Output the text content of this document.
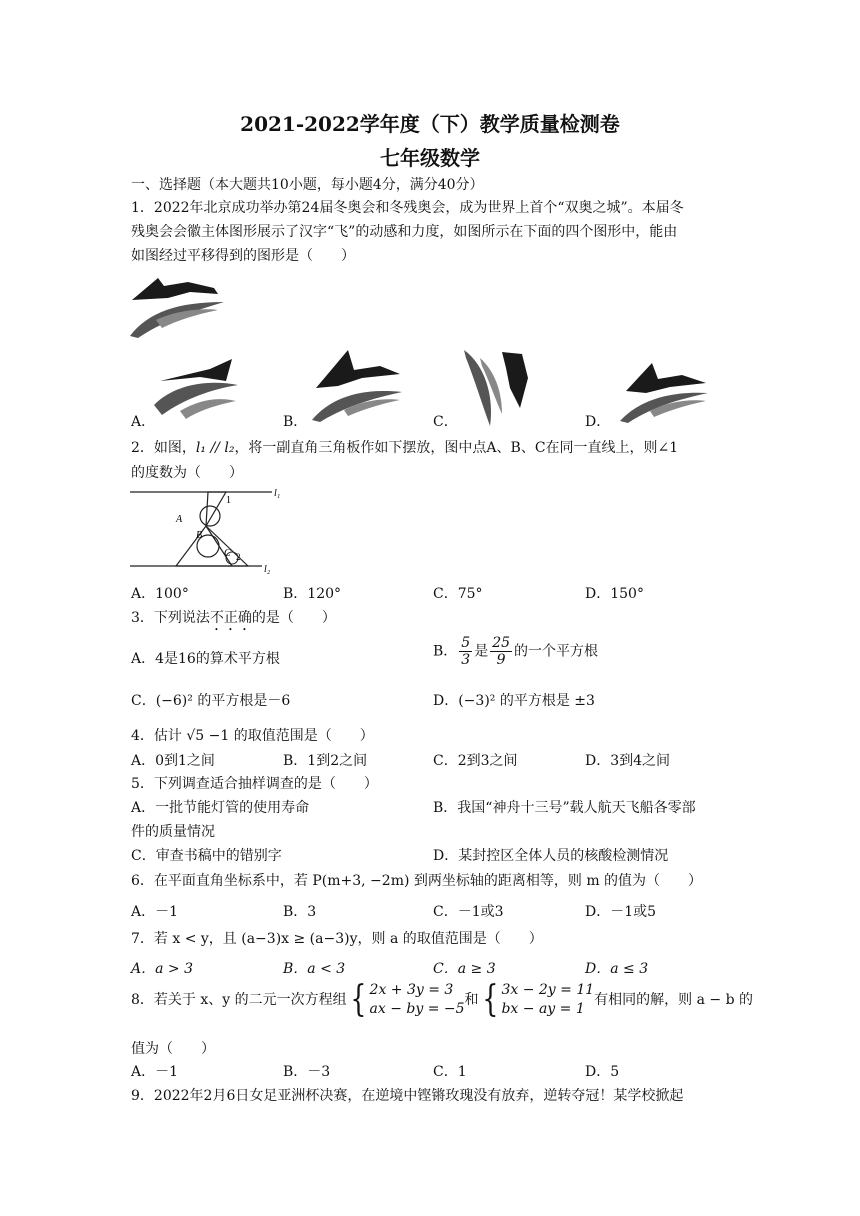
2021-2022学年度（下）教学质量检测卷
七年级数学
一、选择题（本大题共10小题，每小题4分，满分40分）
1．2022年北京成功举办第24届冬奥会和冬残奥会，成为世界上首个“双奥之城”。本届冬
残奥会会徽主体图形展示了汉字“飞”的动感和力度，如图所示在下面的四个图形中，能由
如图经过平移得到的图形是（　　）
A．	B．	C．	D．
2．如图，l₁ // l₂，将一副直角三角板作如下摆放，图中点A、B、C在同一直线上，则∠1
的度数为（　　）
1
A
B
C 2
l₁
l₂
A．100°	B．120°	C．75°	D．150°
3．下列说法不正确的是（　　）
A．4是16的算术平方根	B． $\frac{5}{3}$ 是 $\frac{25}{9}$ 的一个平方根
C．(−6)² 的平方根是－6	D．(−3)² 的平方根是 ±3
4．估计 √5 −1 的取值范围是（　　）
A．0到1之间	B．1到2之间	C．2到3之间	D．3到4之间
5．下列调查适合抽样调查的是（　　）
A．一批节能灯管的使用寿命	B．我国“神舟十三号”载人航天飞船各零部
件的质量情况
C．审查书稿中的错别字	D．某封控区全体人员的核酸检测情况
6．在平面直角坐标系中，若 P(m+3, −2m) 到两坐标轴的距离相等，则 m 的值为（　　）
A．－1	B．3	C．－1或3	D．－1或5
7．若 x < y，且 (a−3)x ≥ (a−3)y，则 a 的取值范围是（　　）
A．a > 3	B．a < 3	C．a ≥ 3	D．a ≤ 3
8．若关于 x、y 的二元一次方程组{ 2x + 3y = 3
ax − by = −5
和{ 3x − 2y = 11
bx − ay = 1
有相同的解，则 a − b 的
值为（　　）
A．－1	B．－3	C．1	D．5
9．2022年2月6日女足亚洲杯决赛，在逆境中铿锵玫瑰没有放弃，逆转夺冠！某学校掀起
